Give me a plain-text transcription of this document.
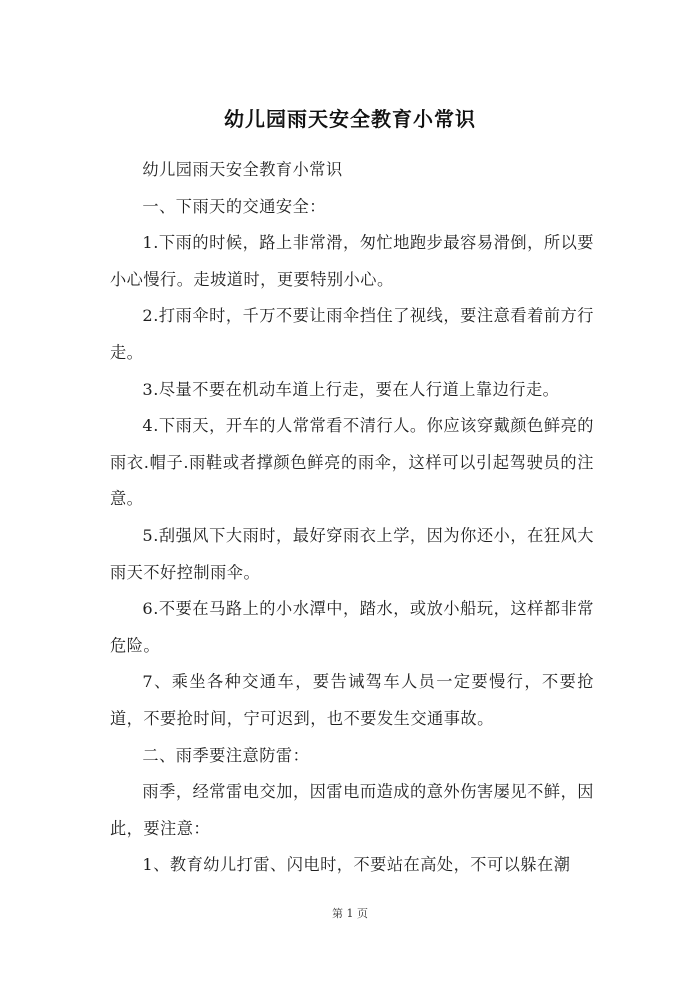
幼儿园雨天安全教育小常识

幼儿园雨天安全教育小常识

一、下雨天的交通安全：

1.下雨的时候，路上非常滑，匆忙地跑步最容易滑倒，所以要小心慢行。走坡道时，更要特别小心。

2.打雨伞时，千万不要让雨伞挡住了视线，要注意看着前方行走。

3.尽量不要在机动车道上行走，要在人行道上靠边行走。

4.下雨天，开车的人常常看不清行人。你应该穿戴颜色鲜亮的雨衣.帽子.雨鞋或者撑颜色鲜亮的雨伞，这样可以引起驾驶员的注意。

5.刮强风下大雨时，最好穿雨衣上学，因为你还小，在狂风大雨天不好控制雨伞。

6.不要在马路上的小水潭中，踏水，或放小船玩，这样都非常危险。

7、乘坐各种交通车，要告诫驾车人员一定要慢行，不要抢道，不要抢时间，宁可迟到，也不要发生交通事故。

二、雨季要注意防雷：

雨季，经常雷电交加，因雷电而造成的意外伤害屡见不鲜，因此，要注意：

1、教育幼儿打雷、闪电时，不要站在高处，不可以躲在潮

第 1 页
